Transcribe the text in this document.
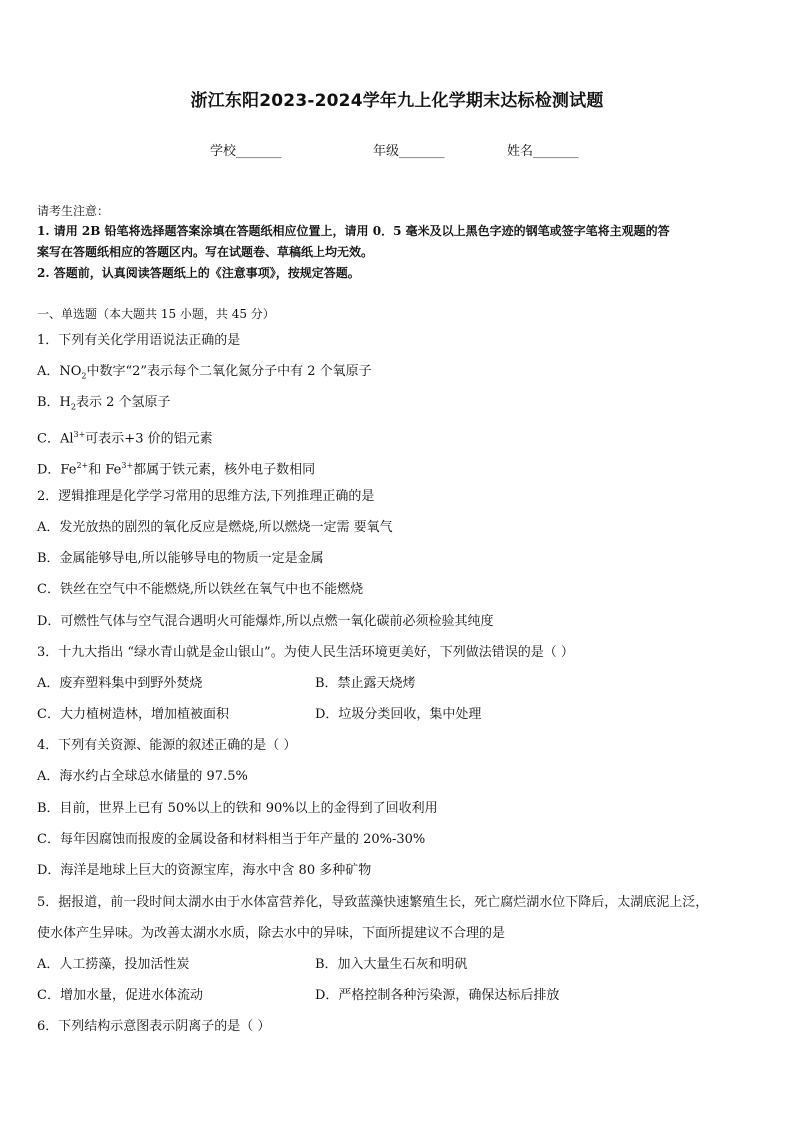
浙江东阳2023-2024学年九上化学期末达标检测试题
学校_______	年级_______	姓名_______
请考生注意：
1. 请用 2B 铅笔将选择题答案涂填在答题纸相应位置上，请用 0．5 毫米及以上黑色字迹的钢笔或签字笔将主观题的答
案写在答题纸相应的答题区内。写在试题卷、草稿纸上均无效。
2. 答题前，认真阅读答题纸上的《注意事项》，按规定答题。
一、单选题（本大题共 15 小题，共 45 分）
1．下列有关化学用语说法正确的是
A．$NO_2$中数字“2”表示每个二氧化氮分子中有 2 个氧原子
B．$H_2$表示 2 个氢原子
C．$Al^{3+}$可表示+3 价的铝元素
D．$Fe^{2+}$和 $Fe^{3+}$都属于铁元素，核外电子数相同
2．逻辑推理是化学学习常用的思维方法,下列推理正确的是
A．发光放热的剧烈的氧化反应是燃烧,所以燃烧一定需 要氧气
B．金属能够导电,所以能够导电的物质一定是金属
C．铁丝在空气中不能燃烧,所以铁丝在氧气中也不能燃烧
D．可燃性气体与空气混合遇明火可能爆炸,所以点燃一氧化碳前必须检验其纯度
3．十九大指出 “绿水青山就是金山银山”。为使人民生活环境更美好，下列做法错误的是（ ）
A．废弃塑料集中到野外焚烧	B．禁止露天烧烤
C．大力植树造林，增加植被面积	D．垃圾分类回收，集中处理
4．下列有关资源、能源的叙述正确的是（ ）
A．海水约占全球总水储量的 97.5%
B．目前，世界上已有 50%以上的铁和 90%以上的金得到了回收利用
C．每年因腐蚀而报废的金属设备和材料相当于年产量的 20%-30%
D．海洋是地球上巨大的资源宝库，海水中含 80 多种矿物
5．据报道，前一段时间太湖水由于水体富营养化，导致蓝藻快速繁殖生长，死亡腐烂湖水位下降后，太湖底泥上泛，
使水体产生异味。为改善太湖水水质，除去水中的异味，下面所提建议不合理的是
A．人工捞藻，投加活性炭	B．加入大量生石灰和明矾
C．增加水量，促进水体流动	D．严格控制各种污染源，确保达标后排放
6．下列结构示意图表示阴离子的是（ ）
